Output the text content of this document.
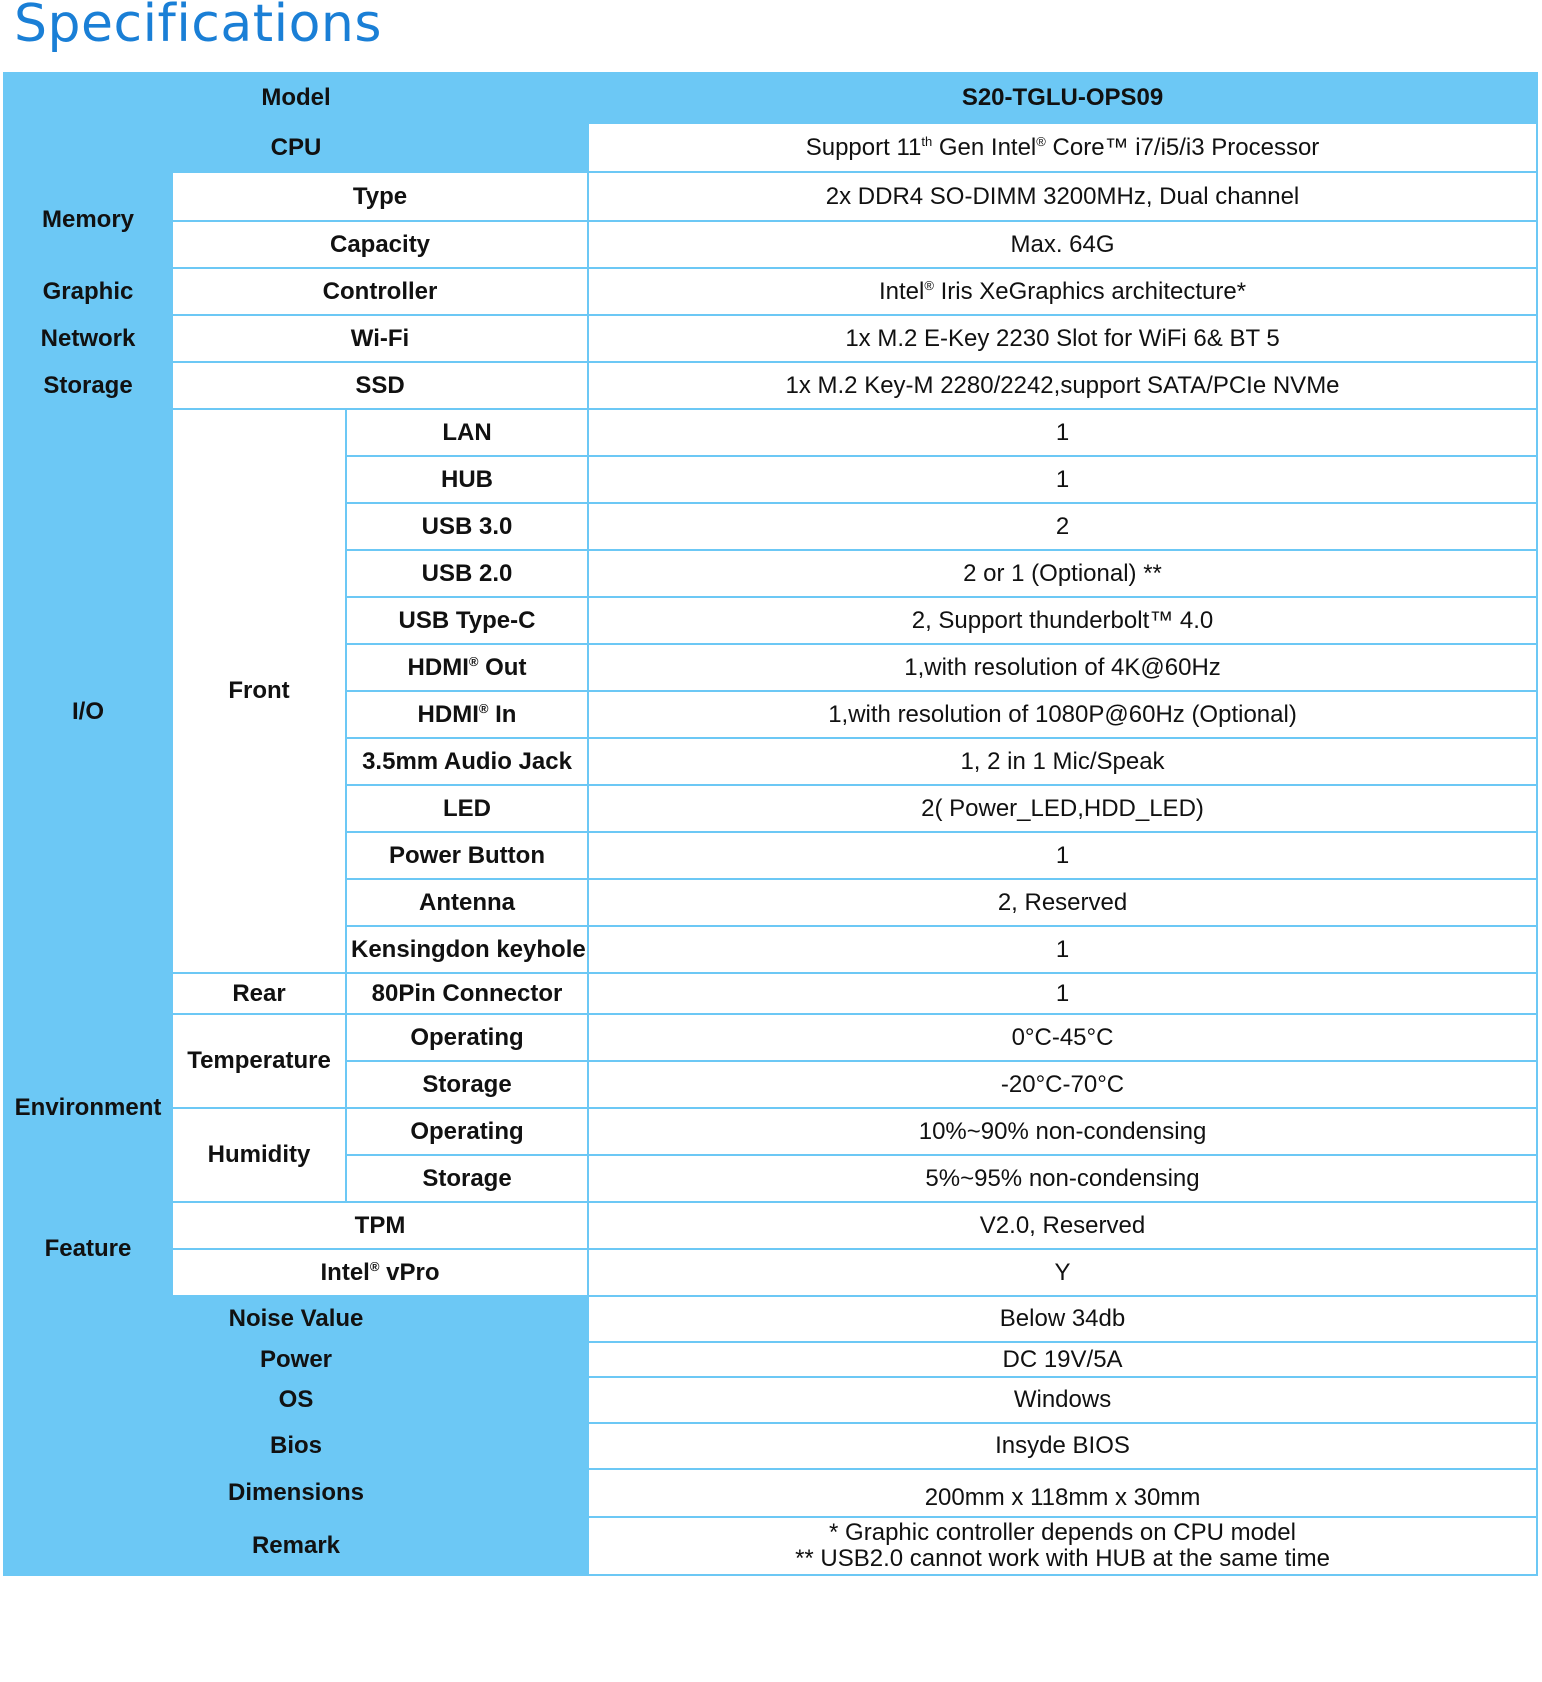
Specifications
Model			S20-TGLU-OPS09
CPU			Support 11th Gen Intel® Core™ i7/i5/i3 Processor
Memory	Type		2x DDR4 SO-DIMM 3200MHz, Dual channel
	Capacity		Max. 64G
Graphic	Controller		Intel® Iris XeGraphics architecture*
Network	Wi-Fi		1x M.2 E-Key 2230 Slot for WiFi 6& BT 5
Storage	SSD		1x M.2 Key-M 2280/2242,support SATA/PCIe NVMe
I/O	Front	LAN	1
		HUB	1
		USB 3.0	2
		USB 2.0	2 or 1 (Optional) **
		USB Type-C	2, Support thunderbolt™ 4.0
		HDMI® Out	1,with resolution of 4K@60Hz
		HDMI® In	1,with resolution of 1080P@60Hz (Optional)
		3.5mm Audio Jack	1, 2 in 1 Mic/Speak
		LED	2( Power_LED,HDD_LED)
		Power Button	1
		Antenna	2, Reserved
		Kensingdon keyhole	1
	Rear	80Pin Connector	1
Environment	Temperature	Operating	0°C-45°C
		Storage	-20°C-70°C
	Humidity	Operating	10%~90% non-condensing
		Storage	5%~95% non-condensing
Feature	TPM		V2.0, Reserved
	Intel® vPro		Y
Noise Value			Below 34db
Power			DC 19V/5A
OS			Windows
Bios			Insyde BIOS
Dimensions			200mm x 118mm x 30mm
Remark			* Graphic controller depends on CPU model
** USB2.0 cannot work with HUB at the same time
